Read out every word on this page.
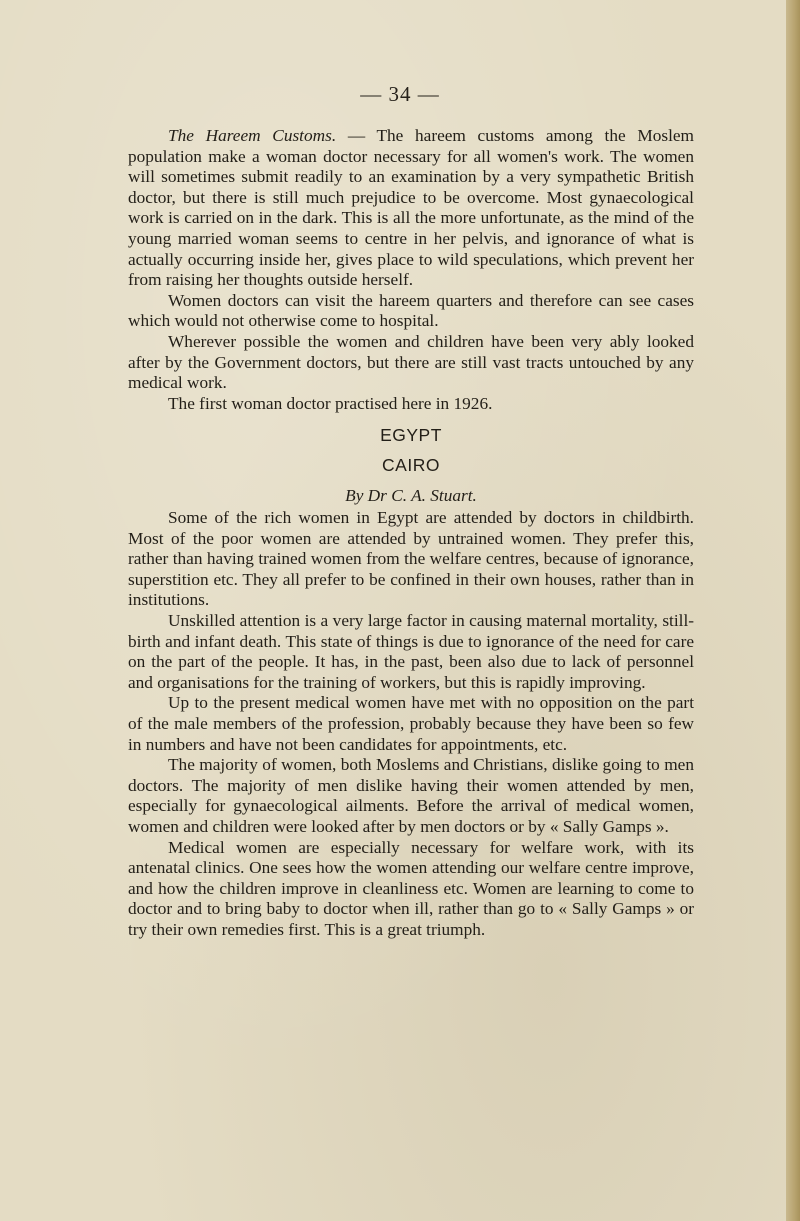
— 34 —

The Hareem Customs. — The hareem customs among the Moslem population make a woman doctor necessary for all women's work. The women will sometimes submit readily to an examination by a very sympathetic British doctor, but there is still much prejudice to be overcome. Most gynaecological work is carried on in the dark. This is all the more unfortunate, as the mind of the young married woman seems to centre in her pelvis, and ignorance of what is actually occurring inside her, gives place to wild speculations, which prevent her from raising her thoughts outside herself.

Women doctors can visit the hareem quarters and therefore can see cases which would not otherwise come to hospital.

Wherever possible the women and children have been very ably looked after by the Government doctors, but there are still vast tracts untouched by any medical work.

The first woman doctor practised here in 1926.

EGYPT
CAIRO
By Dr C. A. Stuart.

Some of the rich women in Egypt are attended by doctors in childbirth. Most of the poor women are attended by untrained women. They prefer this, rather than having trained women from the welfare centres, because of ignorance, superstition etc. They all prefer to be confined in their own houses, rather than in institutions.

Unskilled attention is a very large factor in causing maternal mortality, still-birth and infant death. This state of things is due to ignorance of the need for care on the part of the people. It has, in the past, been also due to lack of personnel and organisations for the training of workers, but this is rapidly improving.

Up to the present medical women have met with no opposition on the part of the male members of the profession, probably because they have been so few in numbers and have not been candidates for appointments, etc.

The majority of women, both Moslems and Christians, dislike going to men doctors. The majority of men dislike having their women attended by men, especially for gynaecological ailments. Before the arrival of medical women, women and children were looked after by men doctors or by « Sally Gamps ».

Medical women are especially necessary for welfare work, with its antenatal clinics. One sees how the women attending our welfare centre improve, and how the children improve in cleanliness etc. Women are learning to come to doctor and to bring baby to doctor when ill, rather than go to « Sally Gamps » or try their own remedies first. This is a great triumph.
